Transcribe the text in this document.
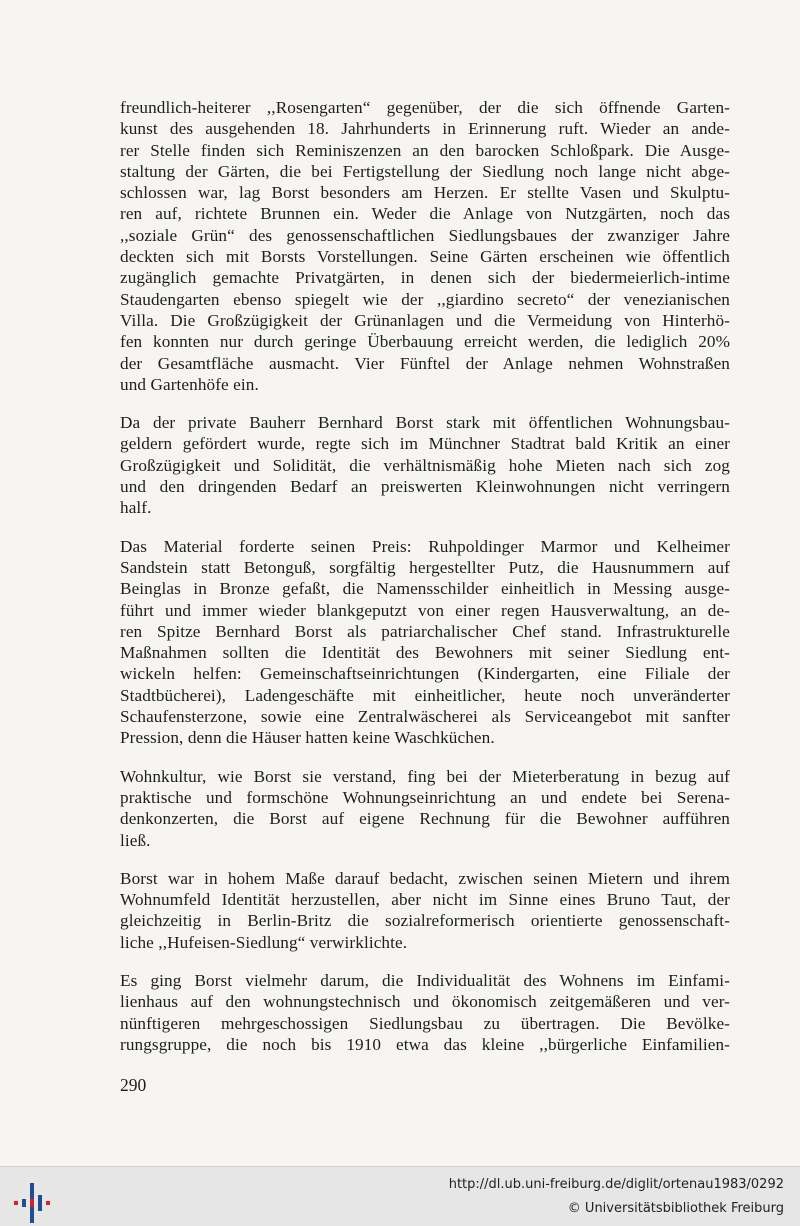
freundlich-heiterer ,,Rosengarten“ gegenüber, der die sich öffnende Garten-
kunst des ausgehenden 18. Jahrhunderts in Erinnerung ruft. Wieder an ande-
rer Stelle finden sich Reminiszenzen an den barocken Schloßpark. Die Ausge-
staltung der Gärten, die bei Fertigstellung der Siedlung noch lange nicht abge-
schlossen war, lag Borst besonders am Herzen. Er stellte Vasen und Skulptu-
ren auf, richtete Brunnen ein. Weder die Anlage von Nutzgärten, noch das
,,soziale Grün“ des genossenschaftlichen Siedlungsbaues der zwanziger Jahre
deckten sich mit Borsts Vorstellungen. Seine Gärten erscheinen wie öffentlich
zugänglich gemachte Privatgärten, in denen sich der biedermeierlich-intime
Staudengarten ebenso spiegelt wie der ,,giardino secreto“ der venezianischen
Villa. Die Großzügigkeit der Grünanlagen und die Vermeidung von Hinterhö-
fen konnten nur durch geringe Überbauung erreicht werden, die lediglich 20%
der Gesamtfläche ausmacht. Vier Fünftel der Anlage nehmen Wohnstraßen
und Gartenhöfe ein.

Da der private Bauherr Bernhard Borst stark mit öffentlichen Wohnungsbau-
geldern gefördert wurde, regte sich im Münchner Stadtrat bald Kritik an einer
Großzügigkeit und Solidität, die verhältnismäßig hohe Mieten nach sich zog
und den dringenden Bedarf an preiswerten Kleinwohnungen nicht verringern
half.

Das Material forderte seinen Preis: Ruhpoldinger Marmor und Kelheimer
Sandstein statt Betonguß, sorgfältig hergestellter Putz, die Hausnummern auf
Beinglas in Bronze gefaßt, die Namensschilder einheitlich in Messing ausge-
führt und immer wieder blankgeputzt von einer regen Hausverwaltung, an de-
ren Spitze Bernhard Borst als patriarchalischer Chef stand. Infrastrukturelle
Maßnahmen sollten die Identität des Bewohners mit seiner Siedlung ent-
wickeln helfen: Gemeinschaftseinrichtungen (Kindergarten, eine Filiale der
Stadtbücherei), Ladengeschäfte mit einheitlicher, heute noch unveränderter
Schaufensterzone, sowie eine Zentralwäscherei als Serviceangebot mit sanfter
Pression, denn die Häuser hatten keine Waschküchen.

Wohnkultur, wie Borst sie verstand, fing bei der Mieterberatung in bezug auf
praktische und formschöne Wohnungseinrichtung an und endete bei Serena-
denkonzerten, die Borst auf eigene Rechnung für die Bewohner aufführen
ließ.

Borst war in hohem Maße darauf bedacht, zwischen seinen Mietern und ihrem
Wohnumfeld Identität herzustellen, aber nicht im Sinne eines Bruno Taut, der
gleichzeitig in Berlin-Britz die sozialreformerisch orientierte genossenschaft-
liche ,,Hufeisen-Siedlung“ verwirklichte.

Es ging Borst vielmehr darum, die Individualität des Wohnens im Einfami-
lienhaus auf den wohnungstechnisch und ökonomisch zeitgemäßeren und ver-
nünftigeren mehrgeschossigen Siedlungsbau zu übertragen. Die Bevölke-
rungsgruppe, die noch bis 1910 etwa das kleine ,,bürgerliche Einfamilien-

290

http://dl.ub.uni-freiburg.de/diglit/ortenau1983/0292
© Universitätsbibliothek Freiburg
